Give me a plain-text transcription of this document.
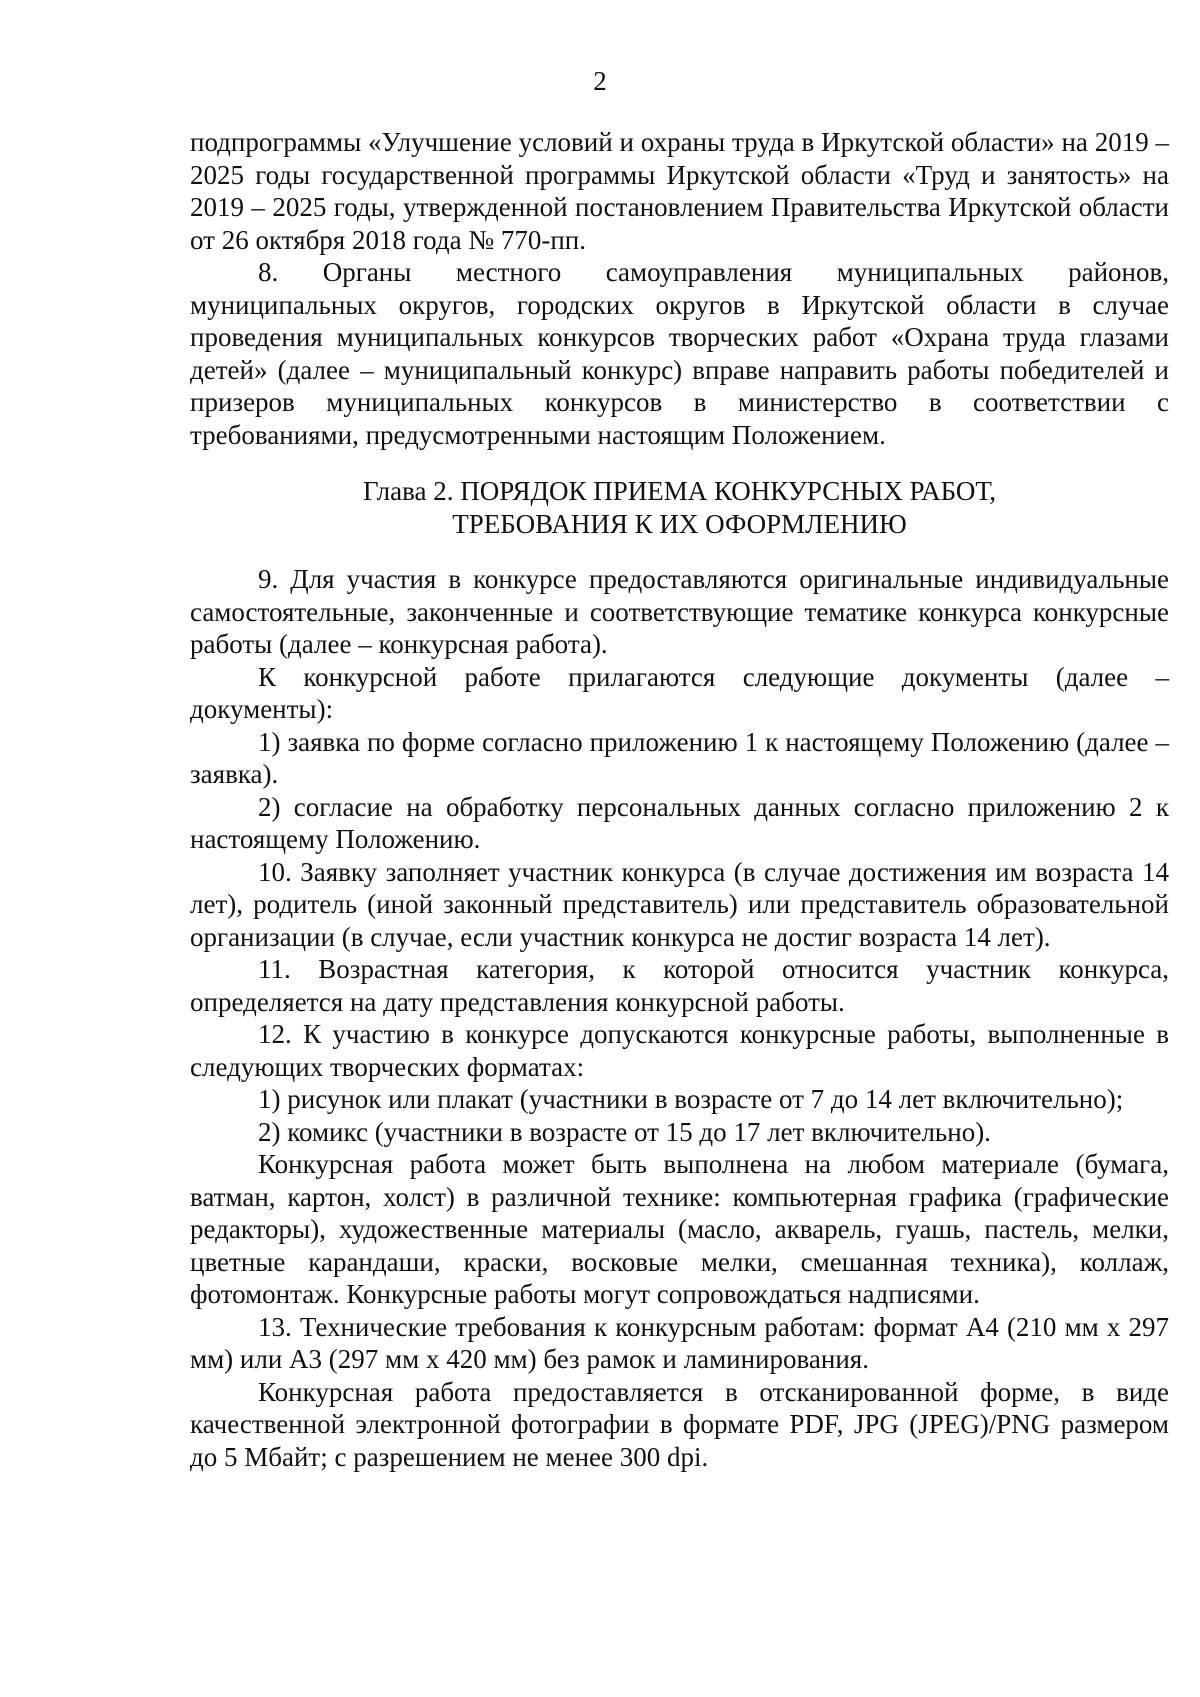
2

подпрограммы «Улучшение условий и охраны труда в Иркутской области» на 2019 – 2025 годы государственной программы Иркутской области «Труд и занятость» на 2019 – 2025 годы, утвержденной постановлением Правительства Иркутской области от 26 октября 2018 года № 770-пп.

8. Органы местного самоуправления муниципальных районов, муниципальных округов, городских округов в Иркутской области в случае проведения муниципальных конкурсов творческих работ «Охрана труда глазами детей» (далее – муниципальный конкурс) вправе направить работы победителей и призеров муниципальных конкурсов в министерство в соответствии с требованиями, предусмотренными настоящим Положением.

Глава 2. ПОРЯДОК ПРИЕМА КОНКУРСНЫХ РАБОТ,
ТРЕБОВАНИЯ К ИХ ОФОРМЛЕНИЮ

9. Для участия в конкурсе предоставляются оригинальные индивидуальные самостоятельные, законченные и соответствующие тематике конкурса конкурсные работы (далее – конкурсная работа).

К конкурсной работе прилагаются следующие документы (далее – документы):

1) заявка по форме согласно приложению 1 к настоящему Положению (далее – заявка).

2) согласие на обработку персональных данных согласно приложению 2 к настоящему Положению.

10. Заявку заполняет участник конкурса (в случае достижения им возраста 14 лет), родитель (иной законный представитель) или представитель образовательной организации (в случае, если участник конкурса не достиг возраста 14 лет).

11. Возрастная категория, к которой относится участник конкурса, определяется на дату представления конкурсной работы.

12. К участию в конкурсе допускаются конкурсные работы, выполненные в следующих творческих форматах:

1) рисунок или плакат (участники в возрасте от 7 до 14 лет включительно);

2) комикс (участники в возрасте от 15 до 17 лет включительно).

Конкурсная работа может быть выполнена на любом материале (бумага, ватман, картон, холст) в различной технике: компьютерная графика (графические редакторы), художественные материалы (масло, акварель, гуашь, пастель, мелки, цветные карандаши, краски, восковые мелки, смешанная техника), коллаж, фотомонтаж. Конкурсные работы могут сопровождаться надписями.

13. Технические требования к конкурсным работам: формат А4 (210 мм х 297 мм) или А3 (297 мм х 420 мм) без рамок и ламинирования.

Конкурсная работа предоставляется в отсканированной форме, в виде качественной электронной фотографии в формате PDF, JPG (JPEG)/PNG размером до 5 Мбайт; с разрешением не менее 300 dpi.
